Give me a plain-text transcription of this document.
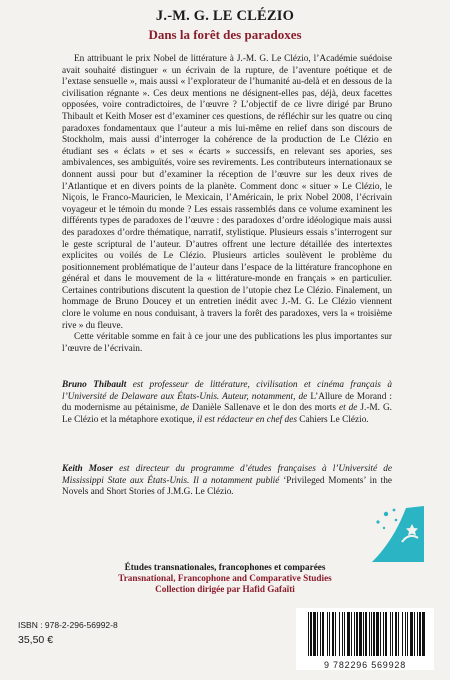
J.-M. G. LE CLÉZIO
Dans la forêt des paradoxes

En attribuant le prix Nobel de littérature à J.-M. G. Le Clézio, l’Académie suédoise avait souhaité distinguer « un écrivain de la rupture, de l’aventure poétique et de l’extase sensuelle », mais aussi « l’explorateur de l’humanité au-delà et en dessous de la civilisation régnante ». Ces deux mentions ne désignent-elles pas, déjà, deux facettes opposées, voire contradictoires, de l’œuvre ? L’objectif de ce livre dirigé par Bruno Thibault et Keith Moser est d’examiner ces questions, de réfléchir sur les quatre ou cinq paradoxes fondamentaux que l’auteur a mis lui-même en relief dans son discours de Stockholm, mais aussi d’interroger la cohérence de la production de Le Clézio en étudiant ses « éclats » et ses « écarts » successifs, en relevant ses apories, ses ambivalences, ses ambiguïtés, voire ses revirements. Les contributeurs internationaux se donnent aussi pour but d’examiner la réception de l’œuvre sur les deux rives de l’Atlantique et en divers points de la planète. Comment donc « situer » Le Clézio, le Niçois, le Franco-Mauricien, le Mexicain, l’Américain, le prix Nobel 2008, l’écrivain voyageur et le témoin du monde ? Les essais rassemblés dans ce volume examinent les différents types de paradoxes de l’œuvre : des paradoxes d’ordre idéologique mais aussi des paradoxes d’ordre thématique, narratif, stylistique. Plusieurs essais s’interrogent sur le geste scriptural de l’auteur. D’autres offrent une lecture détaillée des intertextes explicites ou voilés de Le Clézio. Plusieurs articles soulèvent le problème du positionnement problématique de l’auteur dans l’espace de la littérature francophone en général et dans le mouvement de la « littérature-monde en français » en particulier. Certaines contributions discutent la question de l’utopie chez Le Clézio. Finalement, un hommage de Bruno Doucey et un entretien inédit avec J.-M. G. Le Clézio viennent clore le volume en nous conduisant, à travers la forêt des paradoxes, vers la « troisième rive » du fleuve.

Cette véritable somme en fait à ce jour une des publications les plus importantes sur l’œuvre de l’écrivain.

Bruno Thibault est professeur de littérature, civilisation et cinéma français à l’Université de Delaware aux États-Unis. Auteur, notamment, de L’Allure de Morand : du modernisme au pétainisme, de Danièle Sallenave et le don des morts et de J.-M. G. Le Clézio et la métaphore exotique, il est rédacteur en chef des Cahiers Le Clézio.
Keith Moser est directeur du programme d’études françaises à l’Université de Mississippi State aux États-Unis. Il a notamment publié ‘Privileged Moments’ in the Novels and Short Stories of J.M.G. Le Clézio.
Études transnationales, francophones et comparées
Transnational, Francophone and Comparative Studies
Collection dirigée par Hafid Gafaïti
ISBN : 978-2-296-56992-8
35,50 €
9 782296 569928
